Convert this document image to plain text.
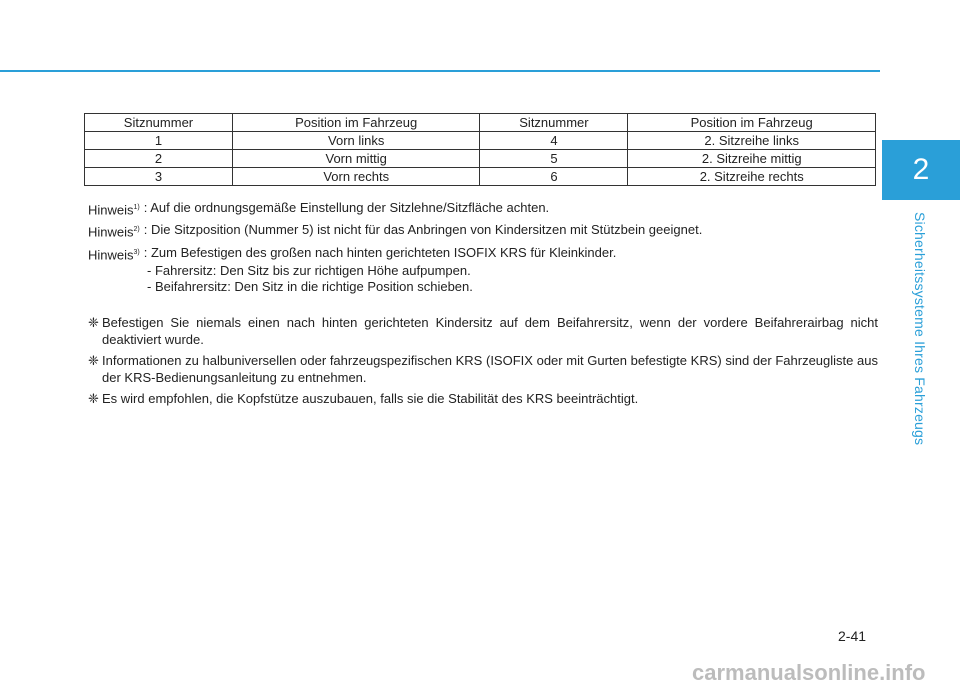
2
Sicherheitssysteme Ihres Fahrzeugs
Sitznummer	Position im Fahrzeug	Sitznummer	Position im Fahrzeug
1	Vorn links	4	2. Sitzreihe links
2	Vorn mittig	5	2. Sitzreihe mittig
3	Vorn rechts	6	2. Sitzreihe rechts
Hinweis$^{1)}$ : Auf die ordnungsgemäße Einstellung der Sitzlehne/Sitzfläche achten.
Hinweis$^{2)}$ : Die Sitzposition (Nummer 5) ist nicht für das Anbringen von Kindersitzen mit Stützbein geeignet.
Hinweis$^{3)}$ : Zum Befestigen des großen nach hinten gerichteten ISOFIX KRS für Kleinkinder.
- Fahrersitz: Den Sitz bis zur richtigen Höhe aufpumpen.
- Beifahrersitz: Den Sitz in die richtige Position schieben.
❈ Befestigen Sie niemals einen nach hinten gerichteten Kindersitz auf dem Beifahrersitz, wenn der vordere Beifahrerairbag nicht deaktiviert wurde.
❈ Informationen zu halbuniversellen oder fahrzeugspezifischen KRS (ISOFIX oder mit Gurten befestigte KRS) sind der Fahrzeugliste aus der KRS-Bedienungsanleitung zu entnehmen.
❈ Es wird empfohlen, die Kopfstütze auszubauen, falls sie die Stabilität des KRS beeinträchtigt.
2-41
carmanualsonline.info
